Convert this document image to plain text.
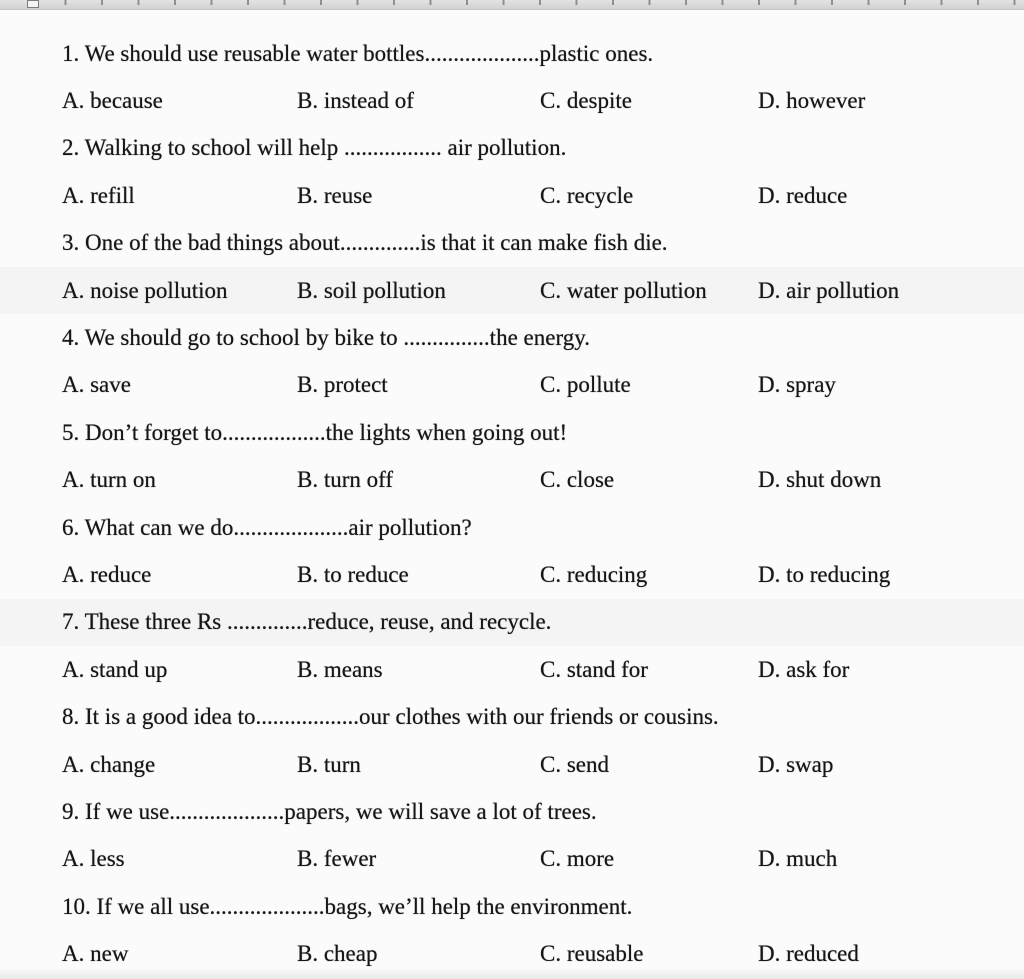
1. We should use reusable water bottles....................plastic ones.
A. because	B. instead of	C. despite	D. however
2. Walking to school will help ................. air pollution.
A. refill	B. reuse	C. recycle	D. reduce
3. One of the bad things about..............is that it can make fish die.
A. noise pollution	B. soil pollution	C. water pollution	D. air pollution
4. We should go to school by bike to ...............the energy.
A. save	B. protect	C. pollute	D. spray
5. Don’t forget to..................the lights when going out!
A. turn on	B. turn off	C. close	D. shut down
6. What can we do....................air pollution?
A. reduce	B. to reduce	C. reducing	D. to reducing
7. These three Rs ..............reduce, reuse, and recycle.
A. stand up	B. means	C. stand for	D. ask for
8. It is a good idea to..................our clothes with our friends or cousins.
A. change	B. turn	C. send	D. swap
9. If we use....................papers, we will save a lot of trees.
A. less	B. fewer	C. more	D. much
10. If we all use....................bags, we’ll help the environment.
A. new	B. cheap	C. reusable	D. reduced
